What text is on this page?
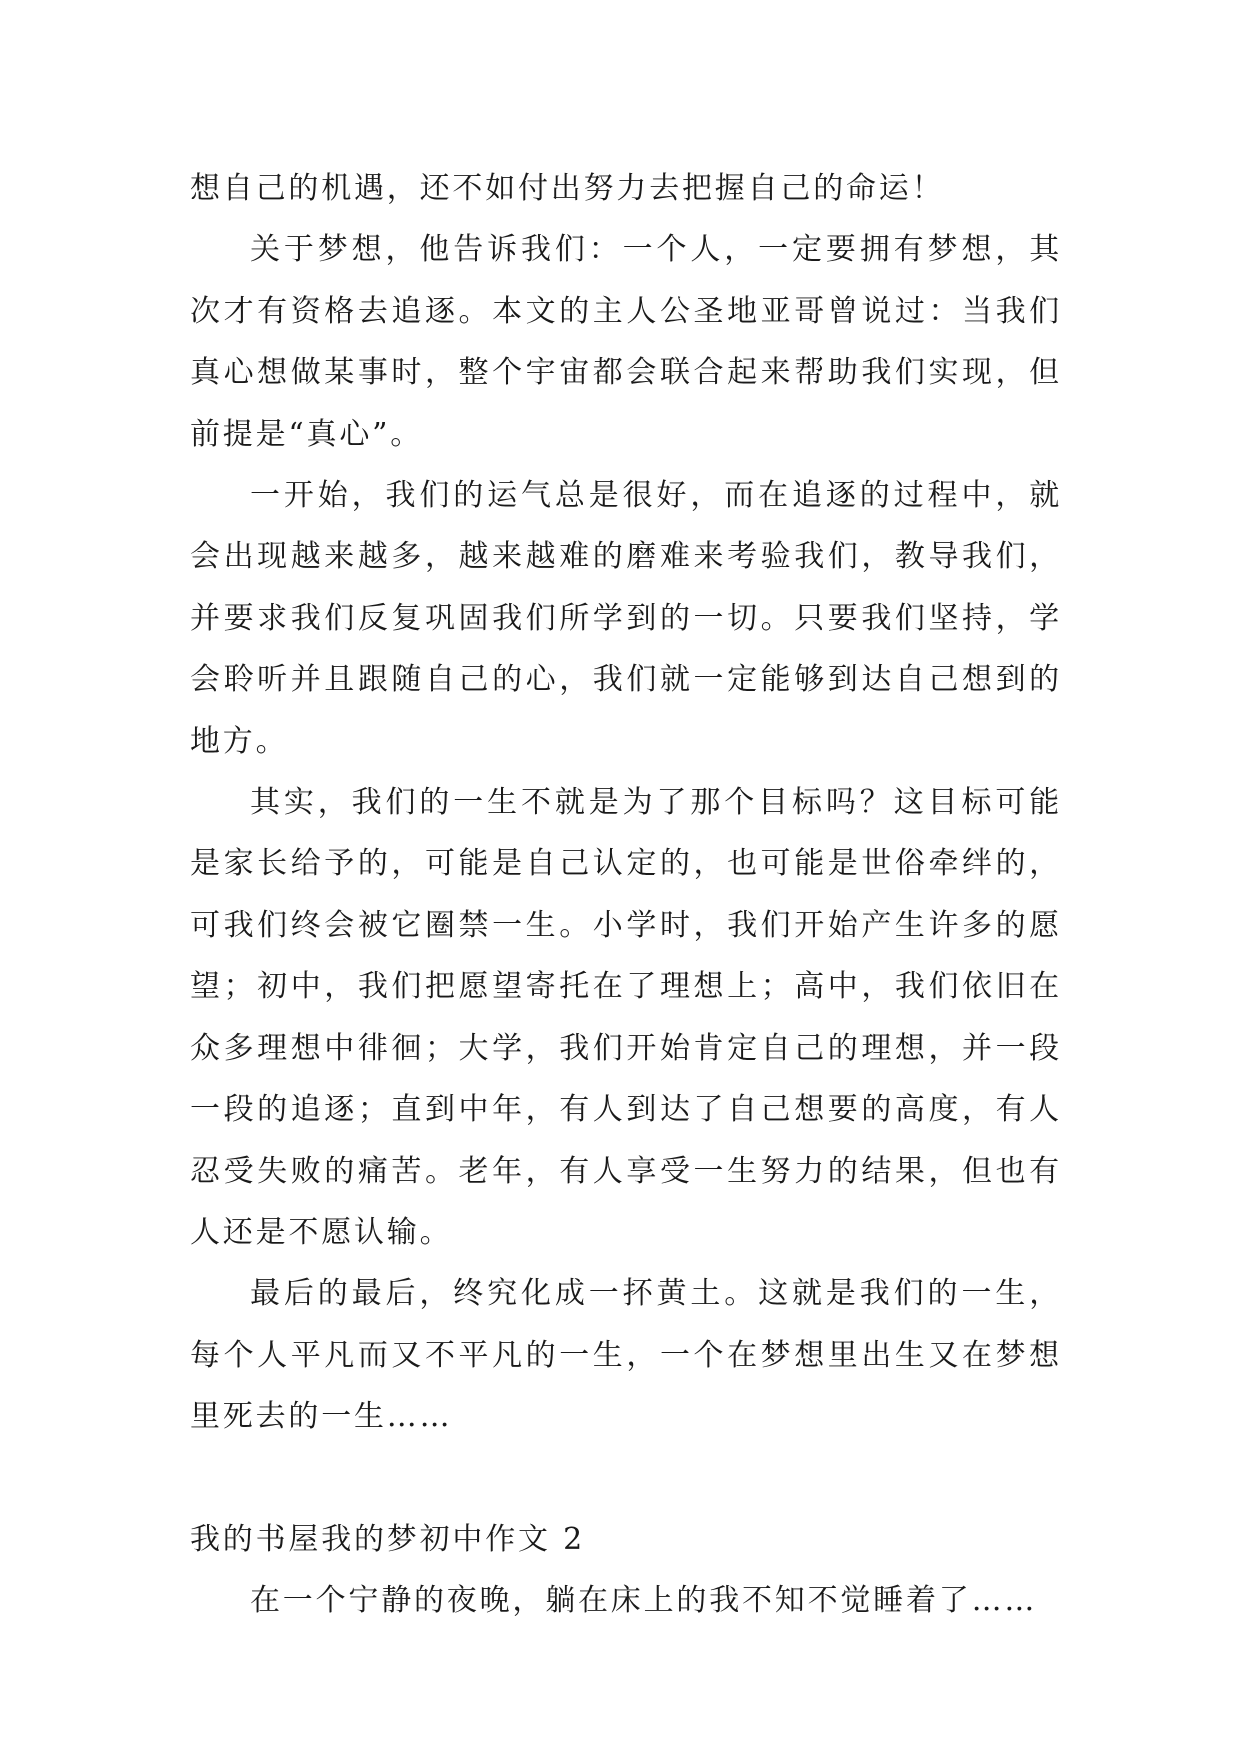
想自己的机遇，还不如付出努力去把握自己的命运！

关于梦想，他告诉我们：一个人，一定要拥有梦想，其次才有资格去追逐。本文的主人公圣地亚哥曾说过：当我们真心想做某事时，整个宇宙都会联合起来帮助我们实现，但前提是“真心”。

一开始，我们的运气总是很好，而在追逐的过程中，就会出现越来越多，越来越难的磨难来考验我们，教导我们，并要求我们反复巩固我们所学到的一切。只要我们坚持，学会聆听并且跟随自己的心，我们就一定能够到达自己想到的地方。

其实，我们的一生不就是为了那个目标吗？这目标可能是家长给予的，可能是自己认定的，也可能是世俗牵绊的，可我们终会被它圈禁一生。小学时，我们开始产生许多的愿望；初中，我们把愿望寄托在了理想上；高中，我们依旧在众多理想中徘徊；大学，我们开始肯定自己的理想，并一段一段的追逐；直到中年，有人到达了自己想要的高度，有人忍受失败的痛苦。老年，有人享受一生努力的结果，但也有人还是不愿认输。

最后的最后，终究化成一抔黄土。这就是我们的一生，每个人平凡而又不平凡的一生，一个在梦想里出生又在梦想里死去的一生……

我的书屋我的梦初中作文 2

在一个宁静的夜晚，躺在床上的我不知不觉睡着了……
